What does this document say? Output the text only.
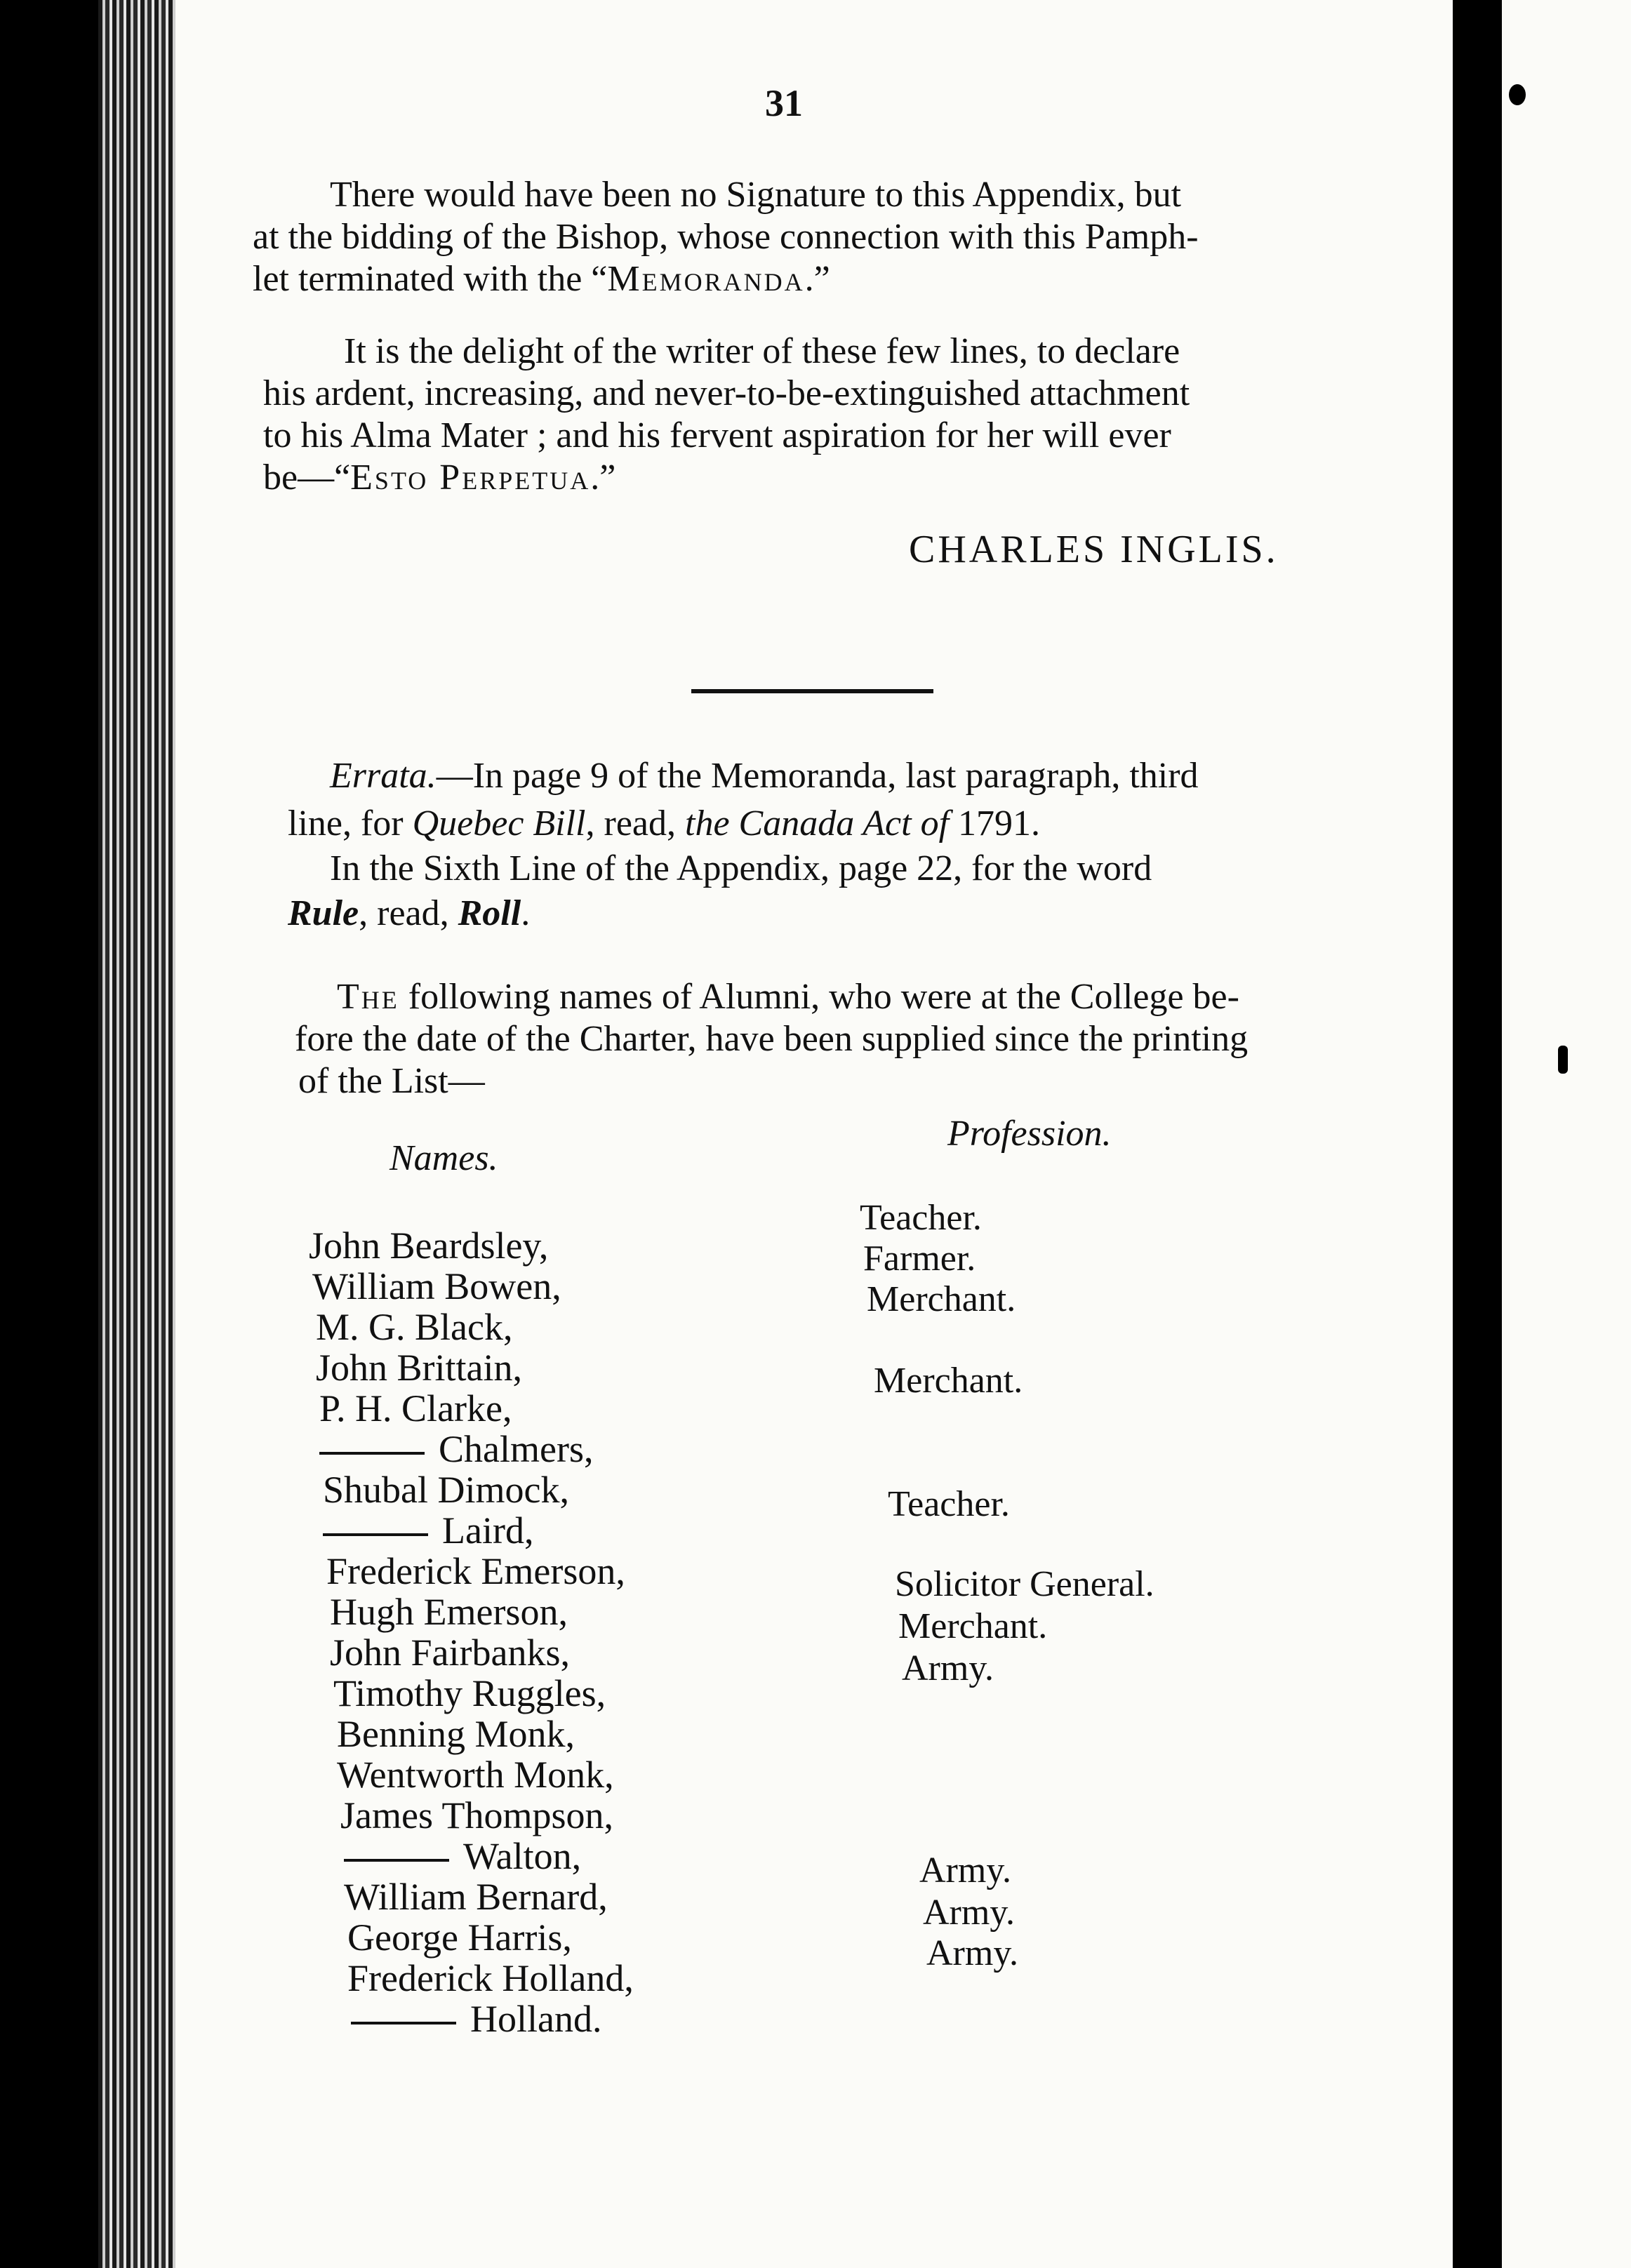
31
There would have been no Signature to this Appendix, but
at the bidding of the Bishop, whose connection with this Pamph-
let terminated with the “Memoranda.”
It is the delight of the writer of these few lines, to declare
his ardent, increasing, and never-to-be-extinguished attachment
to his Alma Mater ; and his fervent aspiration for her will ever
be—“Esto Perpetua.”
CHARLES INGLIS.
Errata.—In page 9 of the Memoranda, last paragraph, third
line, for Quebec Bill, read, the Canada Act of 1791.
In the Sixth Line of the Appendix, page 22, for the word
Rule, read, Roll.
The following names of Alumni, who were at the College be-
fore the date of the Charter, have been supplied since the printing
of the List—
Names.
Profession.
John Beardsley,
William Bowen,
M. G. Black,
John Brittain,
P. H. Clarke,
Chalmers,
Shubal Dimock,
Laird,
Frederick Emerson,
Hugh Emerson,
John Fairbanks,
Timothy Ruggles,
Benning Monk,
Wentworth Monk,
James Thompson,
Walton,
William Bernard,
George Harris,
Frederick Holland,
Holland.
Teacher.
Farmer.
Merchant.
Merchant.
Teacher.
Solicitor General.
Merchant.
Army.
Army.
Army.
Army.
